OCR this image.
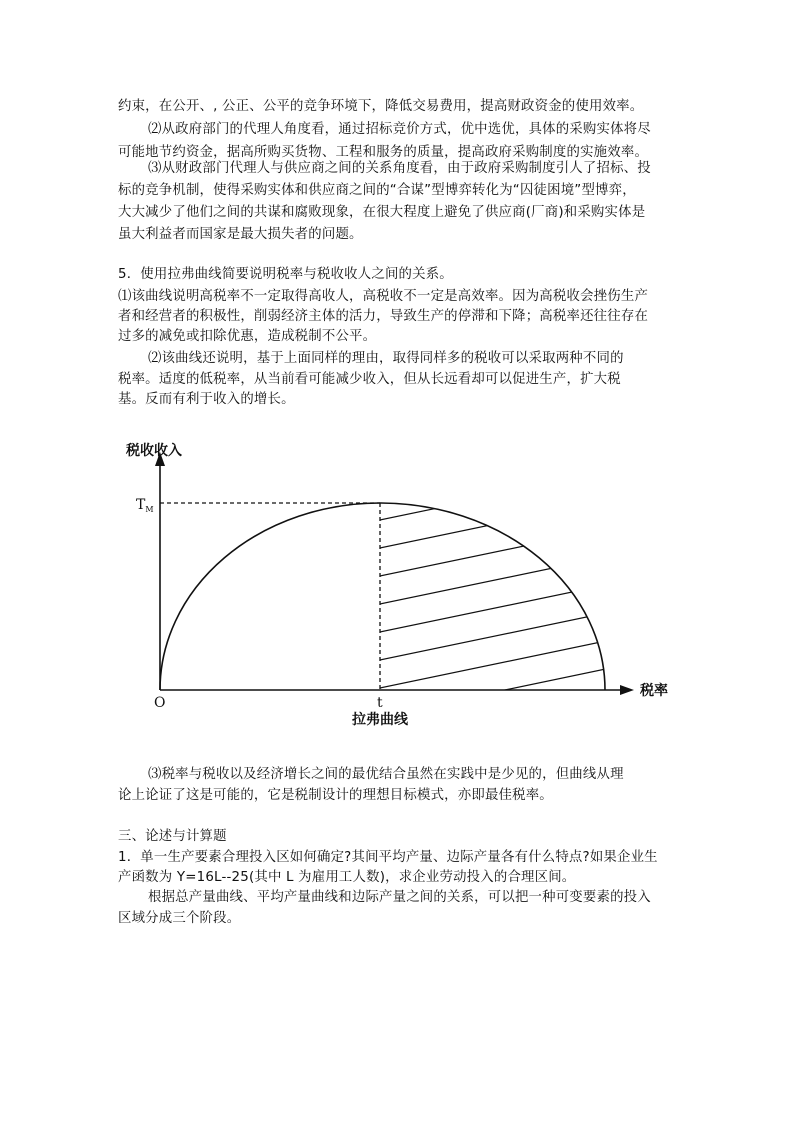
约束，在公开、, 公正、公平的竞争环境下，降低交易费用，提高财政资金的使用效率。
⑵从政府部门的代理人角度看，通过招标竞价方式，优中选优，具体的采购实体将尽
可能地节约资金，据高所购买货物、工程和服务的质量，提高政府采购制度的实施效率。
⑶从财政部门代理人与供应商之间的关系角度看，由于政府采购制度引人了招标、投
标的竞争机制，使得采购实体和供应商之间的“合谋”型博弈转化为“囚徒困境”型博弈，
大大减少了他们之间的共谋和腐败现象，在很大程度上避免了供应商(厂商)和采购实体是
虽大利益者而国家是最大损失者的问题。
5．使用拉弗曲线简要说明税率与税收收人之间的关系。
⑴该曲线说明高税率不一定取得高收人，高税收不一定是高效率。因为高税收会挫伤生产
者和经营者的积极性，削弱经济主体的活力，导致生产的停滞和下降；高税率还往往存在
过多的减免或扣除优惠，造成税制不公平。
⑵该曲线还说明，基于上面同样的理由，取得同样多的税收可以采取两种不同的
税率。适度的低税率，从当前看可能减少收入，但从长远看却可以促进生产，扩大税
基。反而有利于收入的增长。
税收收入
税率
$T_M$
O	t
拉弗曲线
⑶税率与税收以及经济增长之间的最优结合虽然在实践中是少见的，但曲线从理
论上论证了这是可能的，它是税制设计的理想目标模式，亦即最佳税率。
三、论述与计算题
1．单一生产要素合理投入区如何确定?其间平均产量、边际产量各有什么特点?如果企业生
产函数为 Y=16L--25(其中 L 为雇用工人数)，求企业劳动投入的合理区间。
根据总产量曲线、平均产量曲线和边际产量之间的关系，可以把一种可变要素的投入
区域分成三个阶段。
